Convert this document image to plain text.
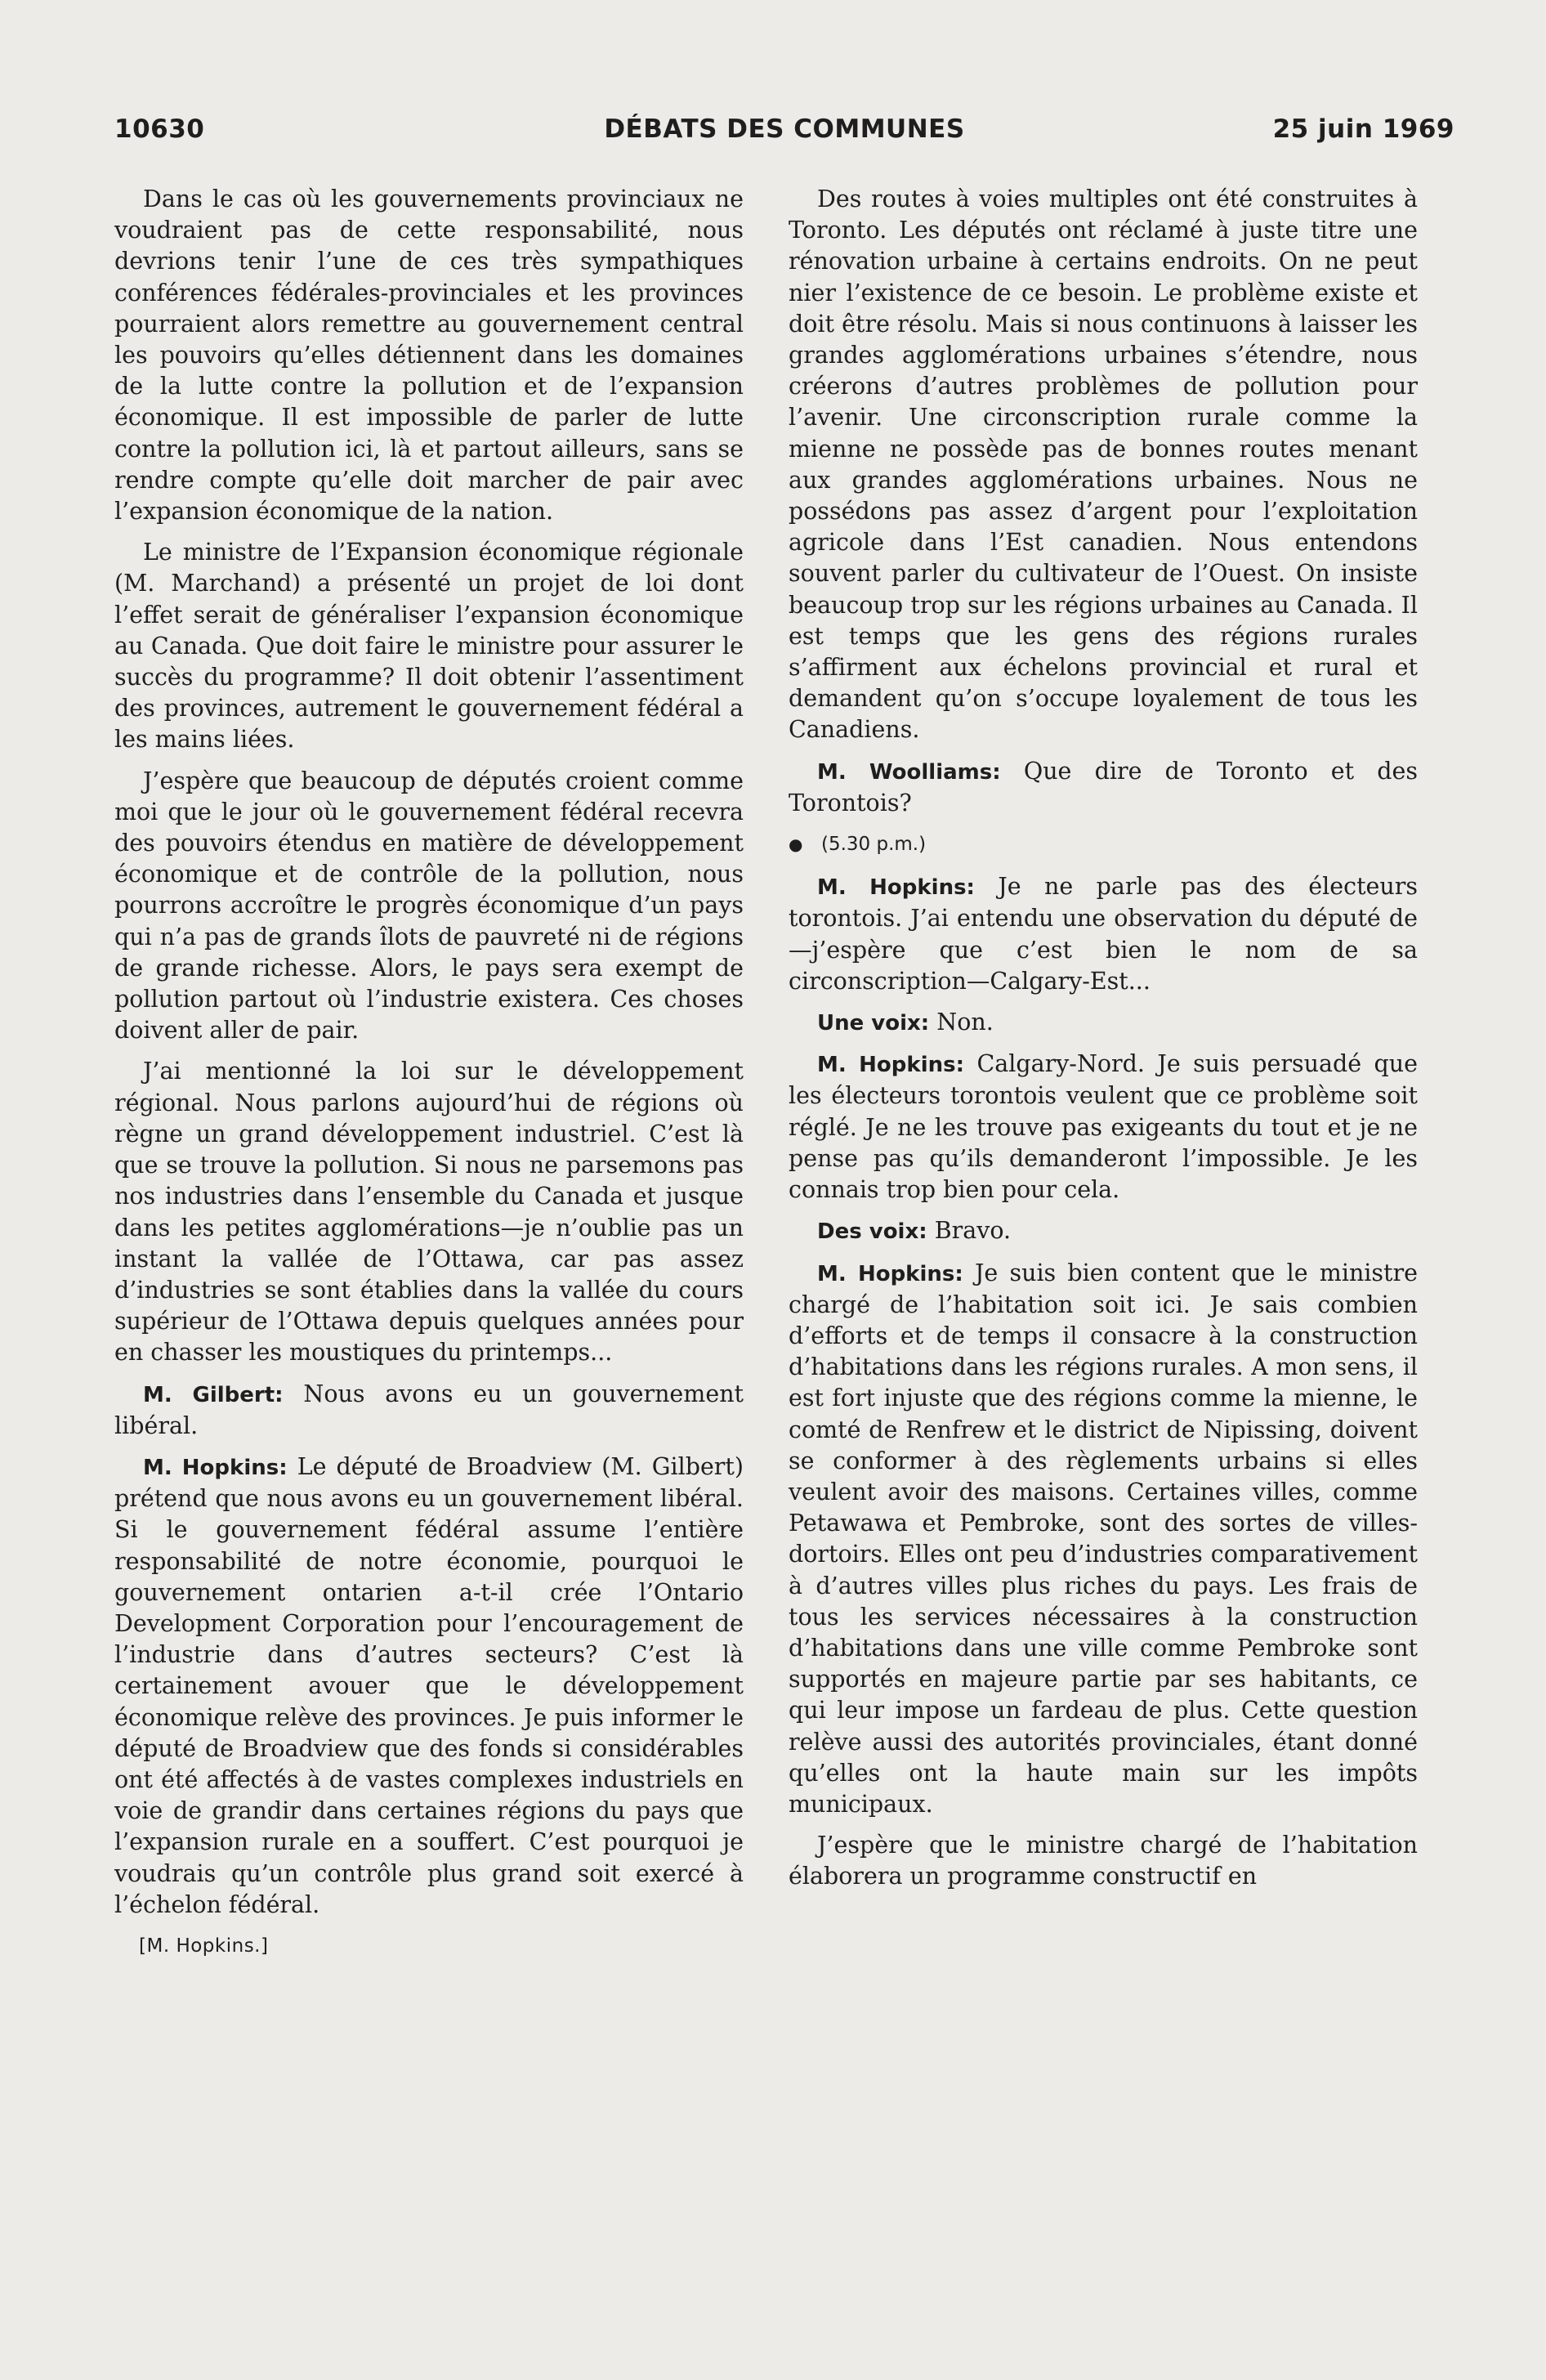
10630	DÉBATS DES COMMUNES	25 juin 1969

Dans le cas où les gouvernements provinciaux ne voudraient pas de cette responsabilité, nous devrions tenir l’une de ces très sympathiques conférences fédérales-provinciales et les provinces pourraient alors remettre au gouvernement central les pouvoirs qu’elles détiennent dans les domaines de la lutte contre la pollution et de l’expansion économique. Il est impossible de parler de lutte contre la pollution ici, là et partout ailleurs, sans se rendre compte qu’elle doit marcher de pair avec l’expansion économique de la nation.

Le ministre de l’Expansion économique régionale (M. Marchand) a présenté un projet de loi dont l’effet serait de généraliser l’expansion économique au Canada. Que doit faire le ministre pour assurer le succès du programme? Il doit obtenir l’assentiment des provinces, autrement le gouvernement fédéral a les mains liées.

J’espère que beaucoup de députés croient comme moi que le jour où le gouvernement fédéral recevra des pouvoirs étendus en matière de développement économique et de contrôle de la pollution, nous pourrons accroître le progrès économique d’un pays qui n’a pas de grands îlots de pauvreté ni de régions de grande richesse. Alors, le pays sera exempt de pollution partout où l’industrie existera. Ces choses doivent aller de pair.

J’ai mentionné la loi sur le développement régional. Nous parlons aujourd’hui de régions où règne un grand développement industriel. C’est là que se trouve la pollution. Si nous ne parsemons pas nos industries dans l’ensemble du Canada et jusque dans les petites agglomérations—je n’oublie pas un instant la vallée de l’Ottawa, car pas assez d’industries se sont établies dans la vallée du cours supérieur de l’Ottawa depuis quelques années pour en chasser les moustiques du printemps...

M. Gilbert: Nous avons eu un gouvernement libéral.

M. Hopkins: Le député de Broadview (M. Gilbert) prétend que nous avons eu un gouvernement libéral. Si le gouvernement fédéral assume l’entière responsabilité de notre économie, pourquoi le gouvernement ontarien a-t-il crée l’Ontario Development Corporation pour l’encouragement de l’industrie dans d’autres secteurs? C’est là certainement avouer que le développement économique relève des provinces. Je puis informer le député de Broadview que des fonds si considérables ont été affectés à de vastes complexes industriels en voie de grandir dans certaines régions du pays que l’expansion rurale en a souffert. C’est pourquoi je voudrais qu’un contrôle plus grand soit exercé à l’échelon fédéral.

[M. Hopkins.]

Des routes à voies multiples ont été construites à Toronto. Les députés ont réclamé à juste titre une rénovation urbaine à certains endroits. On ne peut nier l’existence de ce besoin. Le problème existe et doit être résolu. Mais si nous continuons à laisser les grandes agglomérations urbaines s’étendre, nous créerons d’autres problèmes de pollution pour l’avenir. Une circonscription rurale comme la mienne ne possède pas de bonnes routes menant aux grandes agglomérations urbaines. Nous ne possédons pas assez d’argent pour l’exploitation agricole dans l’Est canadien. Nous entendons souvent parler du cultivateur de l’Ouest. On insiste beaucoup trop sur les régions urbaines au Canada. Il est temps que les gens des régions rurales s’affirment aux échelons provincial et rural et demandent qu’on s’occupe loyalement de tous les Canadiens.

M. Woolliams: Que dire de Toronto et des Torontois?

● (5.30 p.m.)

M. Hopkins: Je ne parle pas des électeurs torontois. J’ai entendu une observation du député de—j’espère que c’est bien le nom de sa circonscription—Calgary-Est...

Une voix: Non.

M. Hopkins: Calgary-Nord. Je suis persuadé que les électeurs torontois veulent que ce problème soit réglé. Je ne les trouve pas exigeants du tout et je ne pense pas qu’ils demanderont l’impossible. Je les connais trop bien pour cela.

Des voix: Bravo.

M. Hopkins: Je suis bien content que le ministre chargé de l’habitation soit ici. Je sais combien d’efforts et de temps il consacre à la construction d’habitations dans les régions rurales. A mon sens, il est fort injuste que des régions comme la mienne, le comté de Renfrew et le district de Nipissing, doivent se conformer à des règlements urbains si elles veulent avoir des maisons. Certaines villes, comme Petawawa et Pembroke, sont des sortes de villes-dortoirs. Elles ont peu d’industries comparativement à d’autres villes plus riches du pays. Les frais de tous les services nécessaires à la construction d’habitations dans une ville comme Pembroke sont supportés en majeure partie par ses habitants, ce qui leur impose un fardeau de plus. Cette question relève aussi des autorités provinciales, étant donné qu’elles ont la haute main sur les impôts municipaux.

J’espère que le ministre chargé de l’habitation élaborera un programme constructif en
